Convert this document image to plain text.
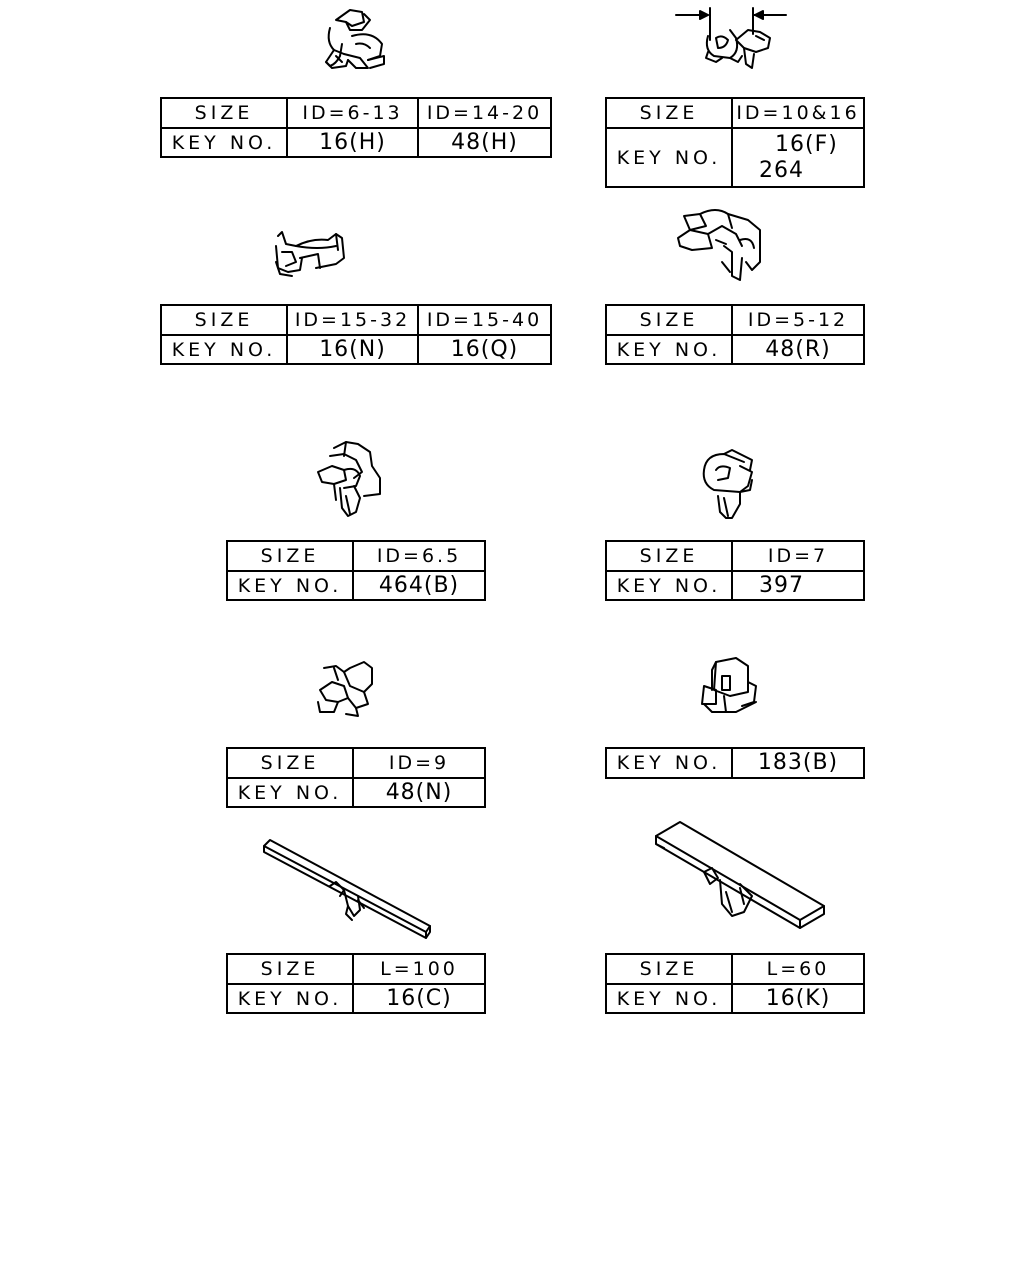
SIZE	ID=6-13	ID=14-20
KEY NO.	16(H)	48(H)
SIZE	ID=10&16
KEY NO.	16(F)
264
SIZE	ID=15-32	ID=15-40
KEY NO.	16(N)	16(Q)
SIZE	ID=5-12
KEY NO.	48(R)
SIZE	ID=6.5
KEY NO.	464(B)
SIZE	ID=7
KEY NO.	397
SIZE	ID=9
KEY NO.	48(N)
KEY NO.	183(B)
SIZE	L=100
KEY NO.	16(C)
SIZE	L=60
KEY NO.	16(K)
